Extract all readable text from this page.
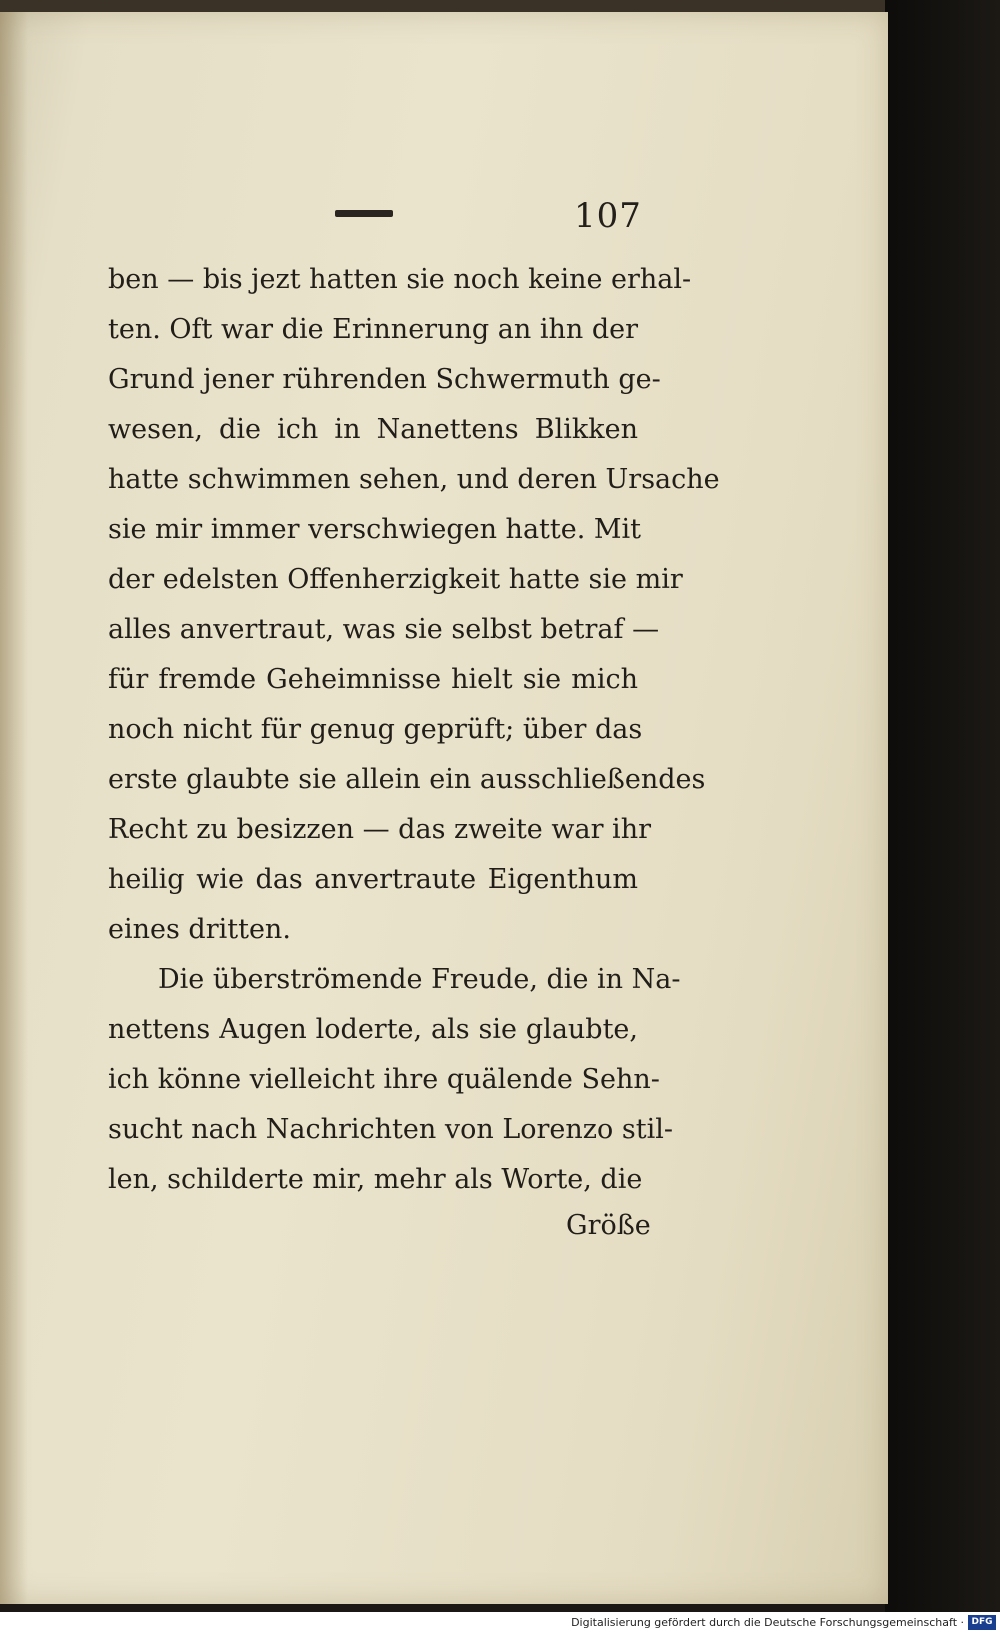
107
ben — bis jezt hatten sie noch keine erhal-
ten. Oft war die Erinnerung an ihn der
Grund jener rührenden Schwermuth ge-
wesen, die ich in Nanettens Blikken
hatte schwimmen sehen, und deren Ursache
sie mir immer verschwiegen hatte. Mit
der edelsten Offenherzigkeit hatte sie mir
alles anvertraut, was sie selbst betraf —
für fremde Geheimnisse hielt sie mich
noch nicht für genug geprüft; über das
erste glaubte sie allein ein ausschließendes
Recht zu besizzen — das zweite war ihr
heilig wie das anvertraute Eigenthum
eines dritten.
Die überströmende Freude, die in Na-
nettens Augen loderte, als sie glaubte,
ich könne vielleicht ihre quälende Sehn-
sucht nach Nachrichten von Lorenzo stil-
len, schilderte mir, mehr als Worte, die
Größe
Digitalisierung gefördert durch die Deutsche Forschungsgemeinschaft · DFG
